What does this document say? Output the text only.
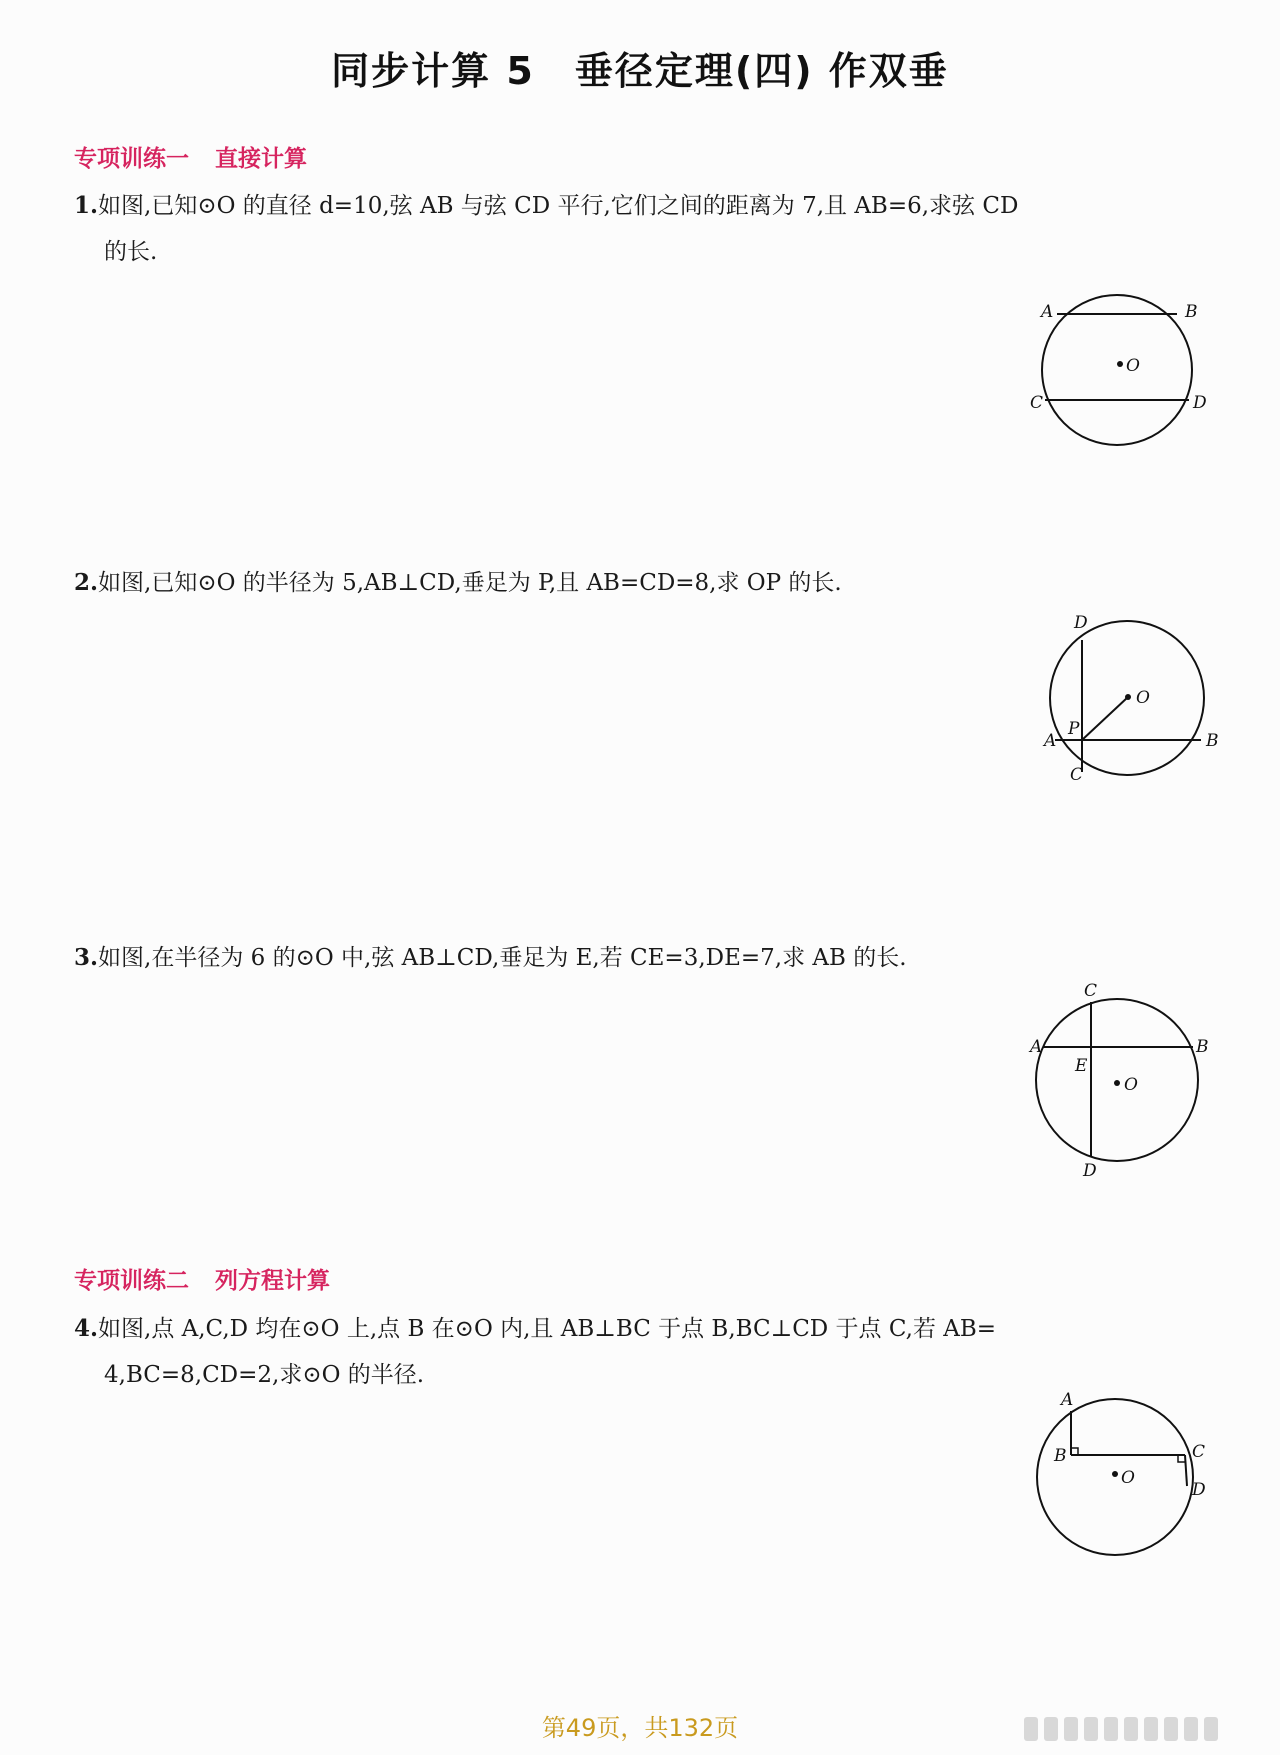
同步计算 5　垂径定理(四) 作双垂
专项训练一 直接计算
1.如图,已知⊙O 的直径 d=10,弦 AB 与弦 CD 平行,它们之间的距离为 7,且 AB=6,求弦 CD
的长.
A	B
C	D
O
2.如图,已知⊙O 的半径为 5,AB⊥CD,垂足为 P,且 AB=CD=8,求 OP 的长.
D
O
P
A	B
C
3.如图,在半径为 6 的⊙O 中,弦 AB⊥CD,垂足为 E,若 CE=3,DE=7,求 AB 的长.
C
A	B
E
O
D
专项训练二 列方程计算
4.如图,点 A,C,D 均在⊙O 上,点 B 在⊙O 内,且 AB⊥BC 于点 B,BC⊥CD 于点 C,若 AB=
4,BC=8,CD=2,求⊙O 的半径.
A
B	C
O
D
第49页，共132页
